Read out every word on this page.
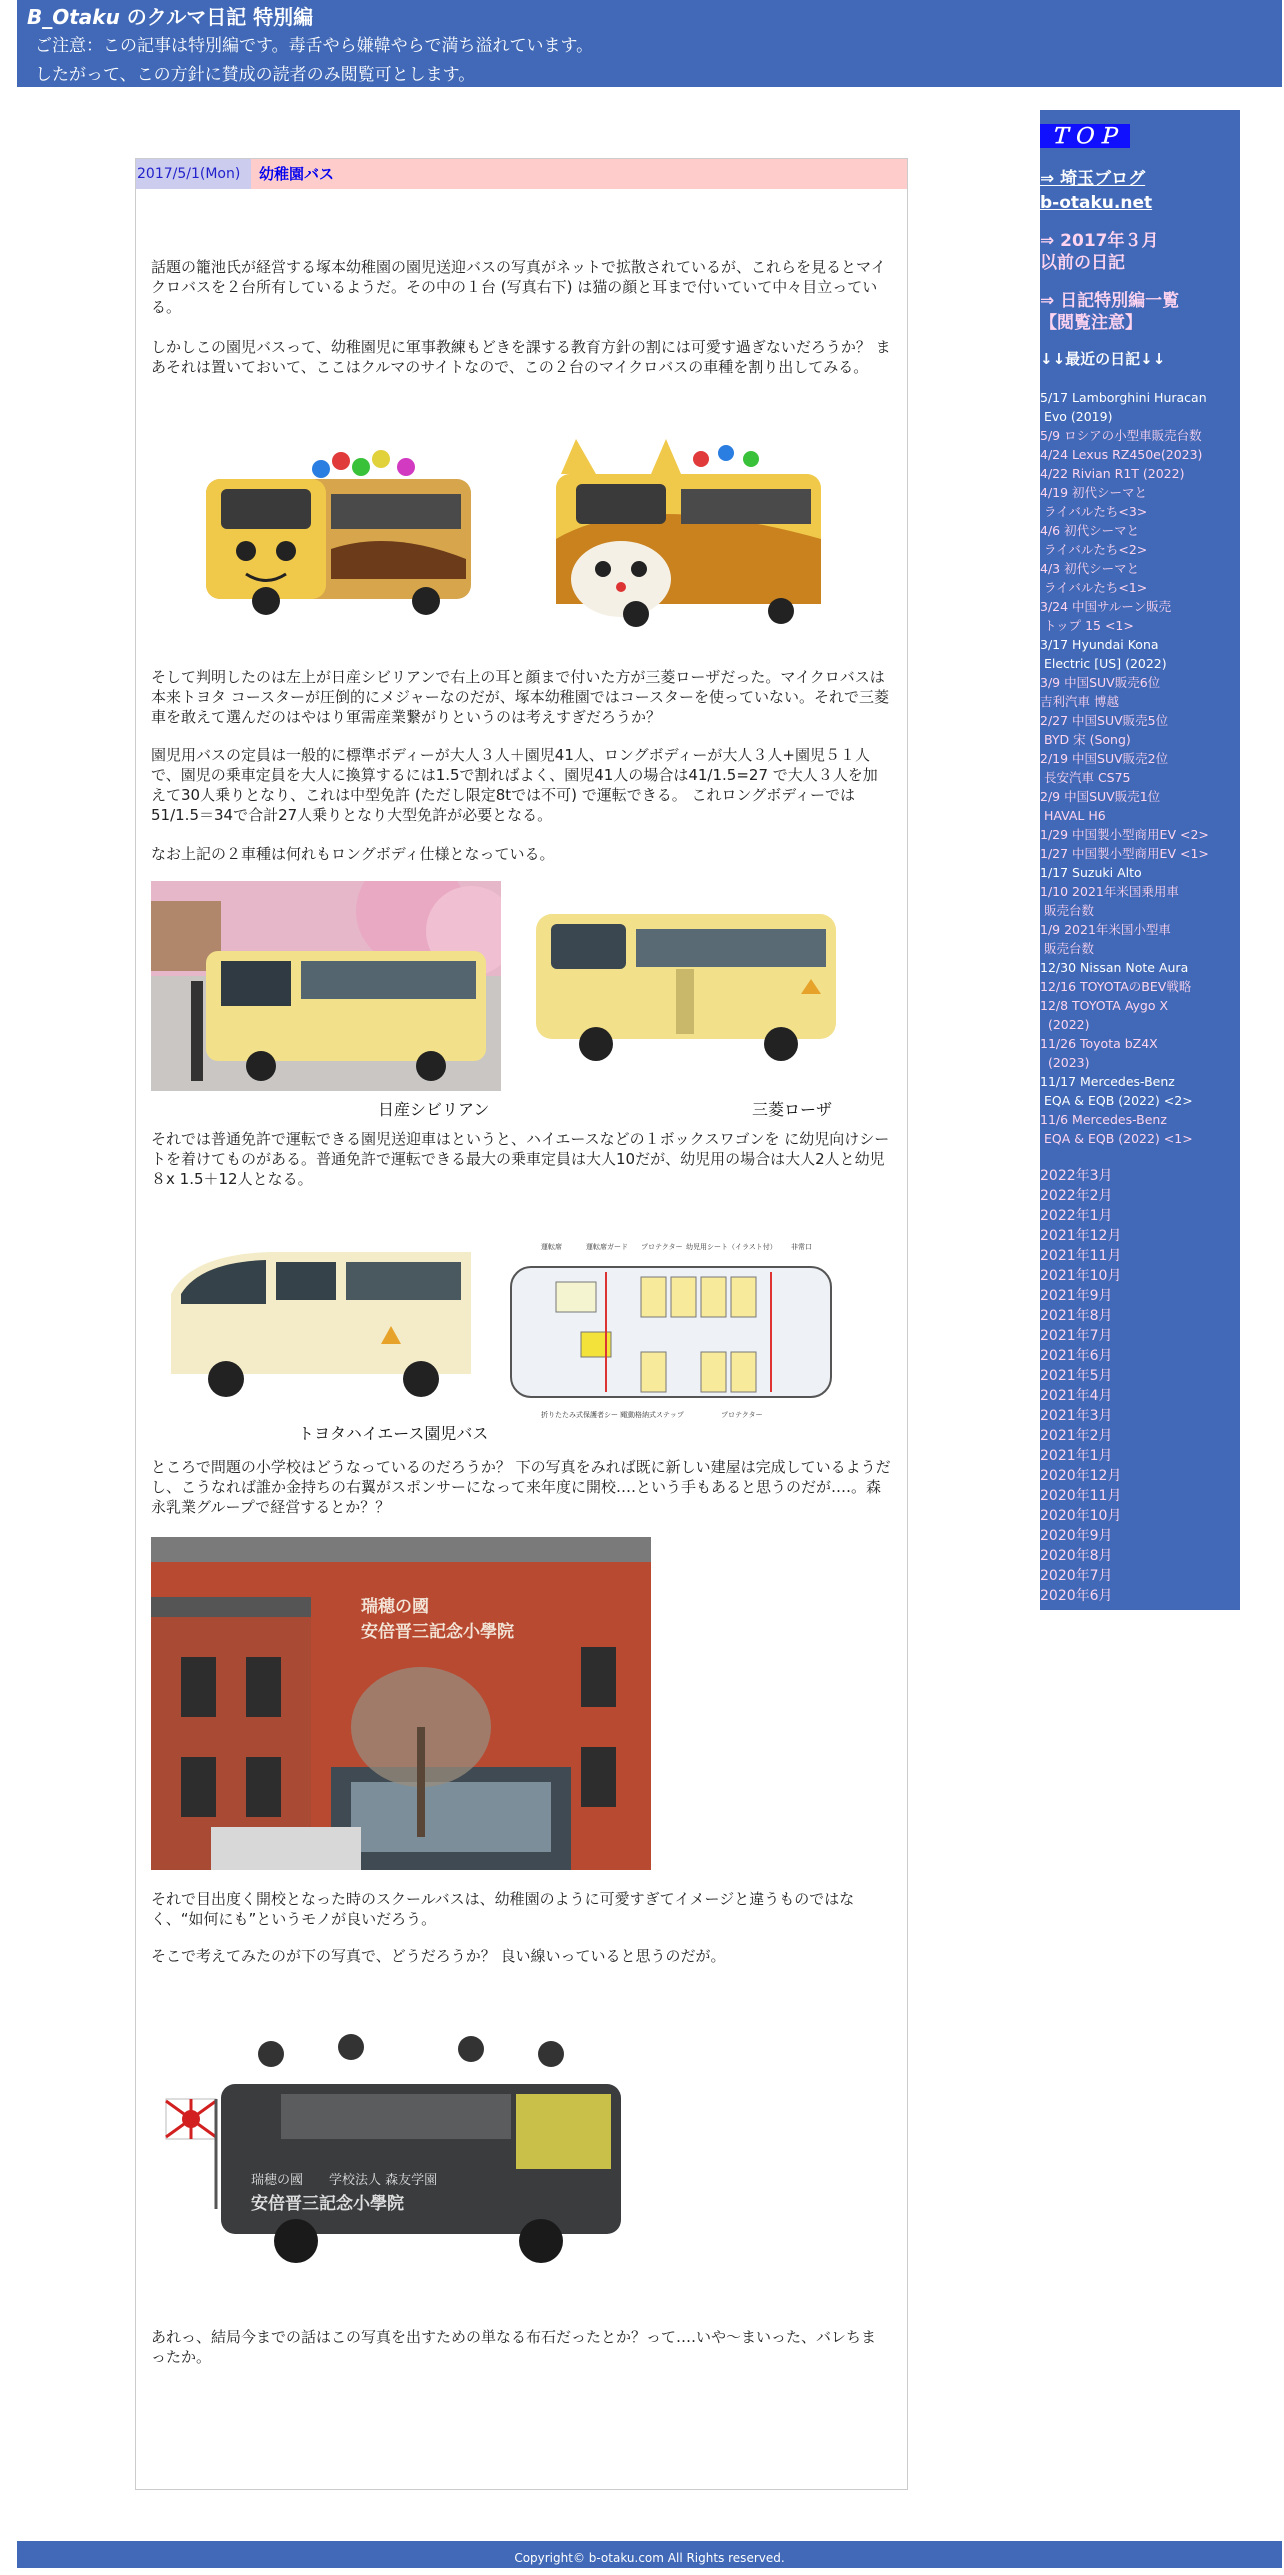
B_Otaku のクルマ日記 特別編
ご注意：この記事は特別編です。毒舌やら嫌韓やらで満ち溢れています。
したがって、この方針に賛成の読者のみ閲覧可とします。
2017/5/1(Mon)	幼稚園バス
話題の籠池氏が経営する塚本幼稚園の園児送迎バスの写真がネットで拡散されているが、これらを見るとマイクロバスを２台所有しているようだ。その中の１台 (写真右下) は猫の顔と耳まで付いていて中々目立っている。
しかしこの園児バスって、幼稚園児に軍事教練もどきを課する教育方針の割には可愛す過ぎないだろうか？ まあそれは置いておいて、ここはクルマのサイトなので、この２台のマイクロバスの車種を割り出してみる。
そして判明したのは左上が日産シビリアンで右上の耳と顔まで付いた方が三菱ローザだった。マイクロバスは本来トヨタ コースターが圧倒的にメジャーなのだが、塚本幼稚園ではコースターを使っていない。それで三菱車を敢えて選んだのはやはり軍需産業繋がりというのは考えすぎだろうか？
園児用バスの定員は一般的に標準ボディーが大人３人＋園児41人、ロングボディーが大人３人+園児５１人で、園児の乗車定員を大人に換算するには1.5で割ればよく、園児41人の場合は41/1.5=27 で大人３人を加えて30人乗りとなり、これは中型免許 (ただし限定8tでは不可) で運転できる。 これロングボディーでは51/1.5＝34で合計27人乗りとなり大型免許が必要となる。
なお上記の２車種は何れもロングボディ仕様となっている。
日産シビリアン	三菱ローザ
それでは普通免許で運転できる園児送迎車はというと、ハイエースなどの１ボックスワゴンを に幼児向けシートを着けてものがある。普通免許で運転できる最大の乗車定員は大人10だが、幼児用の場合は大人2人と幼児８x 1.5＋12人となる。
運転席	運転席ガード プロテクター 幼児用シート（イラスト付） 非常口
折りたたみ式保護者シート
電動格納式ステップ	プロテクター
トヨタハイエース園児バス
ところで問題の小学校はどうなっているのだろうか？ 下の写真をみれば既に新しい建屋は完成しているようだし、こうなれば誰か金持ちの右翼がスポンサーになって来年度に開校‥‥という手もあると思うのだが‥‥。森永乳業グループで経営するとか？？
瑞穂の國
安倍晋三記念小學院
それで目出度く開校となった時のスクールバスは、幼稚園のように可愛すぎてイメージと違うものではなく、“如何にも”というモノが良いだろう。
そこで考えてみたのが下の写真で、どうだろうか？ 良い線いっていると思うのだが。
瑞穂の國　　学校法人 森友学園
安倍晋三記念小學院
あれっ、結局今までの話はこの写真を出すための単なる布石だったとか？って‥‥いや～まいった、バレちまったか。
ＴＯＰ
⇒ 埼玉ブログ
b-otaku.net
⇒ 2017年３月
以前の日記
⇒ 日記特別編一覧
【閲覧注意】
↓↓最近の日記↓↓
5/17 Lamborghini Huracan
Evo (2019)
5/9 ロシアの小型車販売台数
4/24 Lexus RZ450e(2023)
4/22 Rivian R1T (2022)
4/19 初代シーマと
ライバルたち<3>
4/6 初代シーマと
ライバルたち<2>
4/3 初代シーマと
ライバルたち<1>
3/24 中国サルーン販売
トップ 15 <1>
3/17 Hyundai Kona
Electric [US] (2022)
3/9 中国SUV販売6位
吉利汽車 博越
2/27 中国SUV販売5位
BYD 宋 (Song)
2/19 中国SUV販売2位
長安汽車 CS75
2/9 中国SUV販売1位
HAVAL H6
1/29 中国製小型商用EV <2>
1/27 中国製小型商用EV <1>
1/17 Suzuki Alto
1/10 2021年米国乗用車
販売台数
1/9 2021年米国小型車
販売台数
12/30 Nissan Note Aura
12/16 TOYOTAのBEV戦略
12/8 TOYOTA Aygo X
(2022)
11/26 Toyota bZ4X
(2023)
11/17 Mercedes-Benz
EQA & EQB (2022) <2>
11/6 Mercedes-Benz
EQA & EQB (2022) <1>
2022年3月
2022年2月
2022年1月
2021年12月
2021年11月
2021年10月
2021年9月
2021年8月
2021年7月
2021年6月
2021年5月
2021年4月
2021年3月
2021年2月
2021年1月
2020年12月
2020年11月
2020年10月
2020年9月
2020年8月
2020年7月
2020年6月
Copyright© b-otaku.com All Rights reserved.
